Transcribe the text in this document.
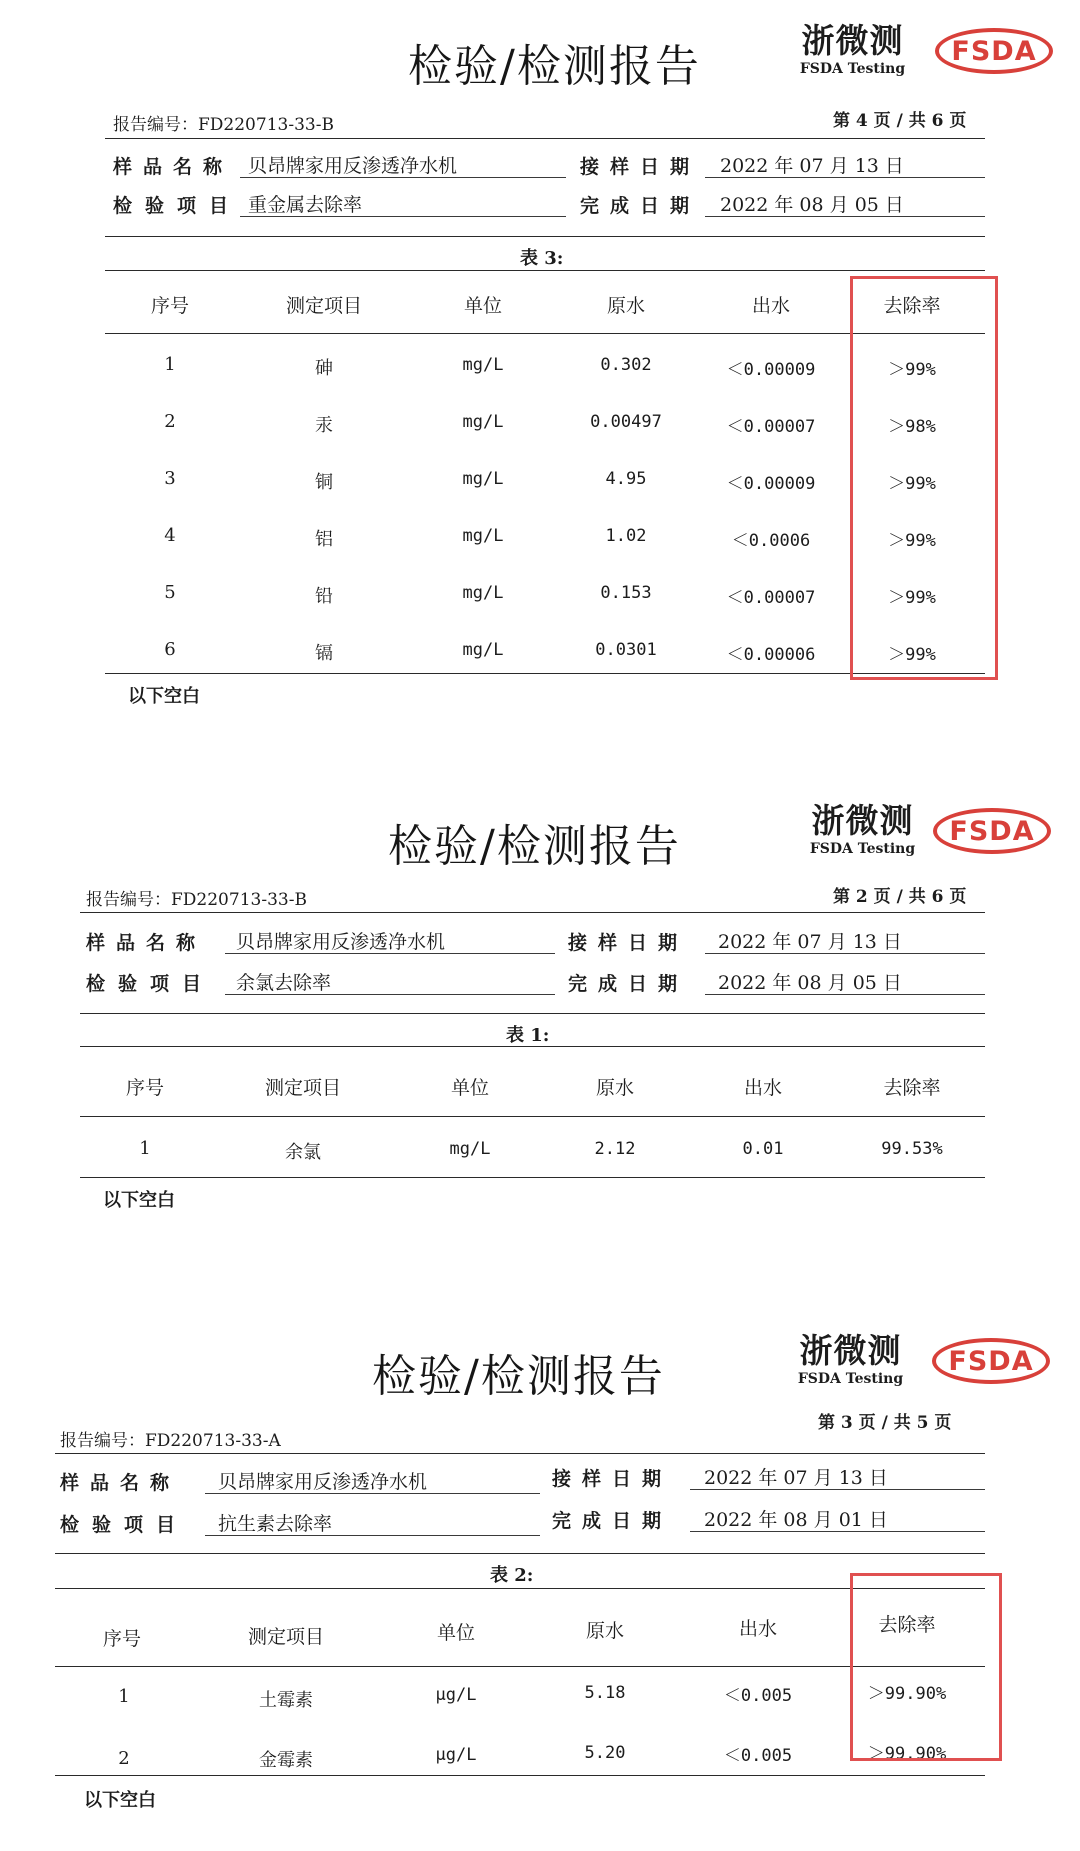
检验/检测报告
浙微测
FSDA Testing
FSDA
报告编号：FD220713-33-B	第 4 页 / 共 6 页
样品名称 贝昂牌家用反渗透净水机	接样日期 2022 年 07 月 13 日
检验项目 重金属去除率	完成日期 2022 年 08 月 05 日
表 3:
序号	测定项目	单位	原水	出水	去除率
1	砷	mg/L	0.302	＜0.00009	＞99%
2	汞	mg/L	0.00497	＜0.00007	＞98%
3	铜	mg/L	4.95	＜0.00009	＞99%
4	铝	mg/L	1.02	＜0.0006	＞99%
5	铅	mg/L	0.153	＜0.00007	＞99%
6	镉	mg/L	0.0301	＜0.00006	＞99%
以下空白
检验/检测报告
浙微测
FSDA Testing
FSDA
报告编号：FD220713-33-B	第 2 页 / 共 6 页
样品名称 贝昂牌家用反渗透净水机	接样日期 2022 年 07 月 13 日
检验项目 余氯去除率	完成日期 2022 年 08 月 05 日
表 1:
序号	测定项目	单位	原水	出水	去除率
1	余氯	mg/L	2.12	0.01	99.53%
以下空白
检验/检测报告
浙微测
FSDA Testing
FSDA
第 3 页 / 共 5 页
报告编号：FD220713-33-A
样品名称 贝昂牌家用反渗透净水机	接样日期 2022 年 07 月 13 日
检验项目 抗生素去除率	完成日期 2022 年 08 月 01 日
表 2:
序号	测定项目	单位	原水	出水	去除率
1	土霉素	μg/L	5.18	＜0.005	＞99.90%
2	金霉素	μg/L	5.20	＜0.005	＞99.90%
以下空白
